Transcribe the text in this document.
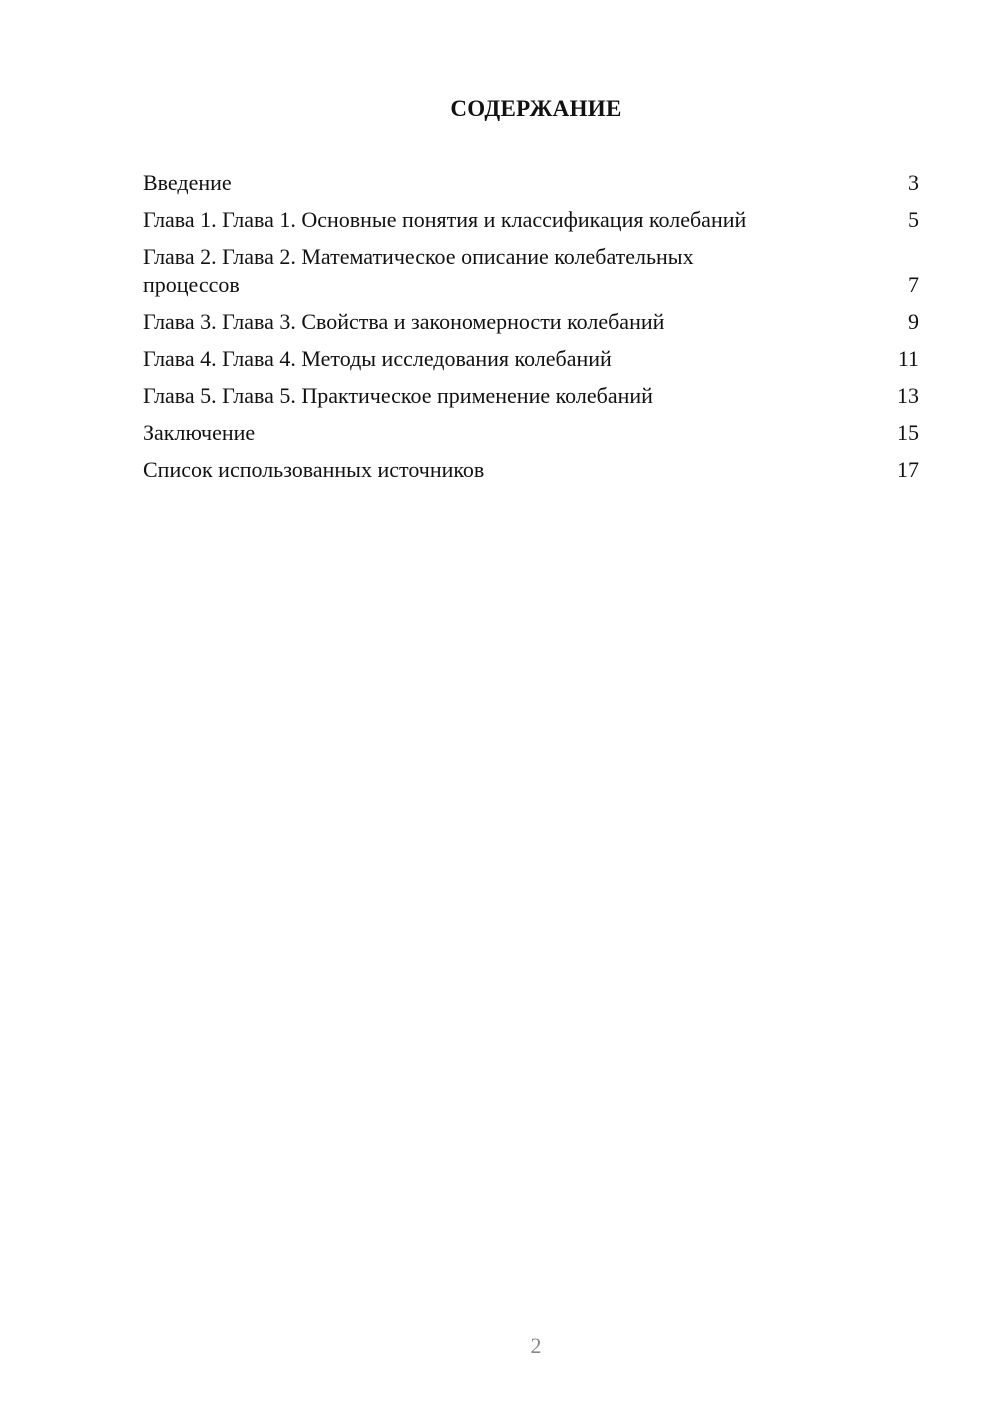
СОДЕРЖАНИЕ
Введение	3
Глава 1. Глава 1. Основные понятия и классификация колебаний	5
Глава 2. Глава 2. Математическое описание колебательных процессов	7
Глава 3. Глава 3. Свойства и закономерности колебаний	9
Глава 4. Глава 4. Методы исследования колебаний	11
Глава 5. Глава 5. Практическое применение колебаний	13
Заключение	15
Список использованных источников	17
2
